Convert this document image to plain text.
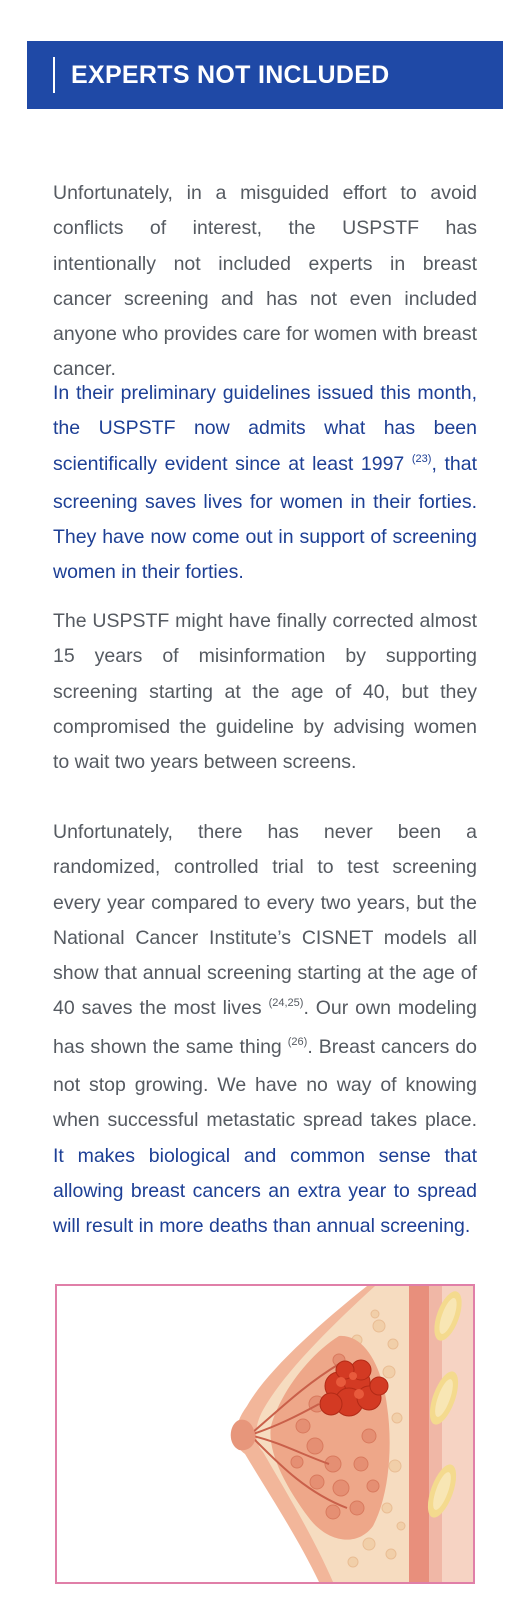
EXPERTS NOT INCLUDED

Unfortunately, in a misguided effort to avoid conflicts of interest, the USPSTF has intentionally not included experts in breast cancer screening and has not even included anyone who provides care for women with breast cancer.

In their preliminary guidelines issued this month, the USPSTF now admits what has been scientifically evident since at least 1997 $^{(23)}$, that screening saves lives for women in their forties. They have now come out in support of screening women in their forties.

The USPSTF might have finally corrected almost 15 years of misinformation by supporting screening starting at the age of 40, but they compromised the guideline by advising women to wait two years between screens.

Unfortunately, there has never been a randomized, controlled trial to test screening every year compared to every two years, but the National Cancer Institute’s CISNET models all show that annual screening starting at the age of 40 saves the most lives $^{(24,25)}$. Our own modeling has shown the same thing $^{(26)}$. Breast cancers do not stop growing. We have no way of knowing when successful metastatic spread takes place. It makes biological and common sense that allowing breast cancers an extra year to spread will result in more deaths than annual screening.
